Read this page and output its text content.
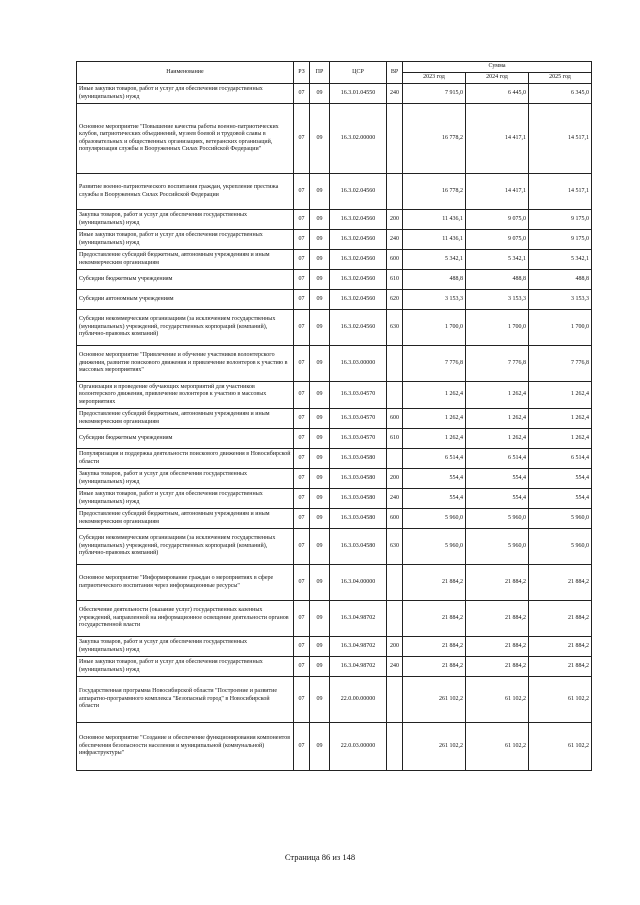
Наименование	РЗ	ПР	ЦСР	ВР	Сумма		
					2023 год	2024 год	2025 год
Иные закупки товаров, работ и услуг для обеспечения государственных (муниципальных) нужд	07	09	16.3.01.04550	240	7 915,0	6 445,0	6 345,0
Основное мероприятие "Повышение качества работы военно-патриотических клубов, патриотических объединений, музеев боевой и трудовой славы в образовательных и общественных организациях, ветеранских организаций, популяризация службы в Вооруженных Силах Российской Федерации"	07	09	16.3.02.00000		16 778,2	14 417,1	14 517,1
Развитие военно-патриотического воспитания граждан, укрепление престижа службы в Вооруженных Силах Российской Федерации	07	09	16.3.02.04560		16 778,2	14 417,1	14 517,1
Закупка товаров, работ и услуг для обеспечения государственных (муниципальных) нужд	07	09	16.3.02.04560	200	11 436,1	9 075,0	9 175,0
Иные закупки товаров, работ и услуг для обеспечения государственных (муниципальных) нужд	07	09	16.3.02.04560	240	11 436,1	9 075,0	9 175,0
Предоставление субсидий бюджетным, автономным учреждениям и иным некоммерческим организациям	07	09	16.3.02.04560	600	5 342,1	5 342,1	5 342,1
Субсидии бюджетным учреждениям	07	09	16.3.02.04560	610	488,8	488,8	488,8
Субсидии автономным учреждениям	07	09	16.3.02.04560	620	3 153,3	3 153,3	3 153,3
Субсидии некоммерческим организациям (за исключением государственных (муниципальных) учреждений, государственных корпораций (компаний), публично-правовых компаний)	07	09	16.3.02.04560	630	1 700,0	1 700,0	1 700,0
Основное мероприятие "Привлечение и обучение участников волонтерского движения, развитие поискового движения и привлечение волонтеров к участию в массовых мероприятиях"	07	09	16.3.03.00000		7 776,8	7 776,8	7 776,8
Организация и проведение обучающих мероприятий для участников волонтерского движения, привлечение волонтеров к участию в массовых мероприятиях	07	09	16.3.03.04570		1 262,4	1 262,4	1 262,4
Предоставление субсидий бюджетным, автономным учреждениям и иным некоммерческим организациям	07	09	16.3.03.04570	600	1 262,4	1 262,4	1 262,4
Субсидии бюджетным учреждениям	07	09	16.3.03.04570	610	1 262,4	1 262,4	1 262,4
Популяризация и поддержка деятельности поискового движения в Новосибирской области	07	09	16.3.03.04580		6 514,4	6 514,4	6 514,4
Закупка товаров, работ и услуг для обеспечения государственных (муниципальных) нужд	07	09	16.3.03.04580	200	554,4	554,4	554,4
Иные закупки товаров, работ и услуг для обеспечения государственных (муниципальных) нужд	07	09	16.3.03.04580	240	554,4	554,4	554,4
Предоставление субсидий бюджетным, автономным учреждениям и иным некоммерческим организациям	07	09	16.3.03.04580	600	5 960,0	5 960,0	5 960,0
Субсидии некоммерческим организациям (за исключением государственных (муниципальных) учреждений, государственных корпораций (компаний), публично-правовых компаний)	07	09	16.3.03.04580	630	5 960,0	5 960,0	5 960,0
Основное мероприятие "Информирование граждан о мероприятиях в сфере патриотического воспитания через информационные ресурсы"	07	09	16.3.04.00000		21 884,2	21 884,2	21 884,2
Обеспечение деятельности (оказание услуг) государственных казенных учреждений, направленной на информационное освещение деятельности органов государственной власти	07	09	16.3.04.98702		21 884,2	21 884,2	21 884,2
Закупка товаров, работ и услуг для обеспечения государственных (муниципальных) нужд	07	09	16.3.04.98702	200	21 884,2	21 884,2	21 884,2
Иные закупки товаров, работ и услуг для обеспечения государственных (муниципальных) нужд	07	09	16.3.04.98702	240	21 884,2	21 884,2	21 884,2
Государственная программа Новосибирской области "Построение и развитие аппаратно-программного комплекса "Безопасный город" в Новосибирской области	07	09	22.0.00.00000		261 102,2	61 102,2	61 102,2
Основное мероприятие "Создание и обеспечение функционирования компонентов обеспечения безопасности населения и муниципальной (коммунальной) инфраструктуры"	07	09	22.0.03.00000		261 102,2	61 102,2	61 102,2
Страница 86 из 148
